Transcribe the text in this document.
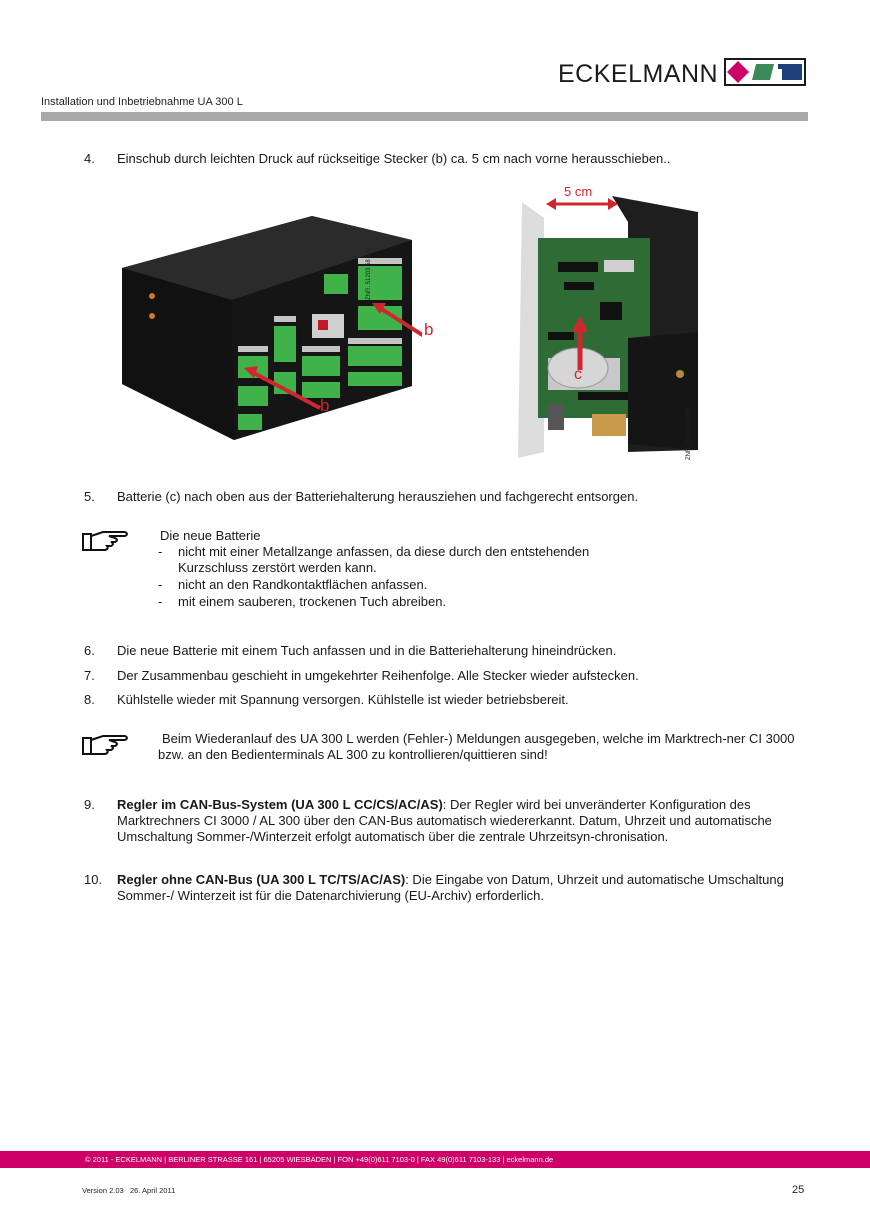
ECKELMANN
Installation und Inbetriebnahme UA 300 L
4. Einschub durch leichten Druck auf rückseitige Stecker (b) ca. 5 cm nach vorne herausschieben..
ZNR. 51203 58 430
b
b
ZNR. 51203 58 030
5 cm
c
5. Batterie (c) nach oben aus der Batteriehalterung herausziehen und fachgerecht entsorgen.
Die neue Batterie
- nicht mit einer Metallzange anfassen, da diese durch den entstehenden
Kurzschluss zerstört werden kann.
- nicht an den Randkontaktflächen anfassen.
- mit einem sauberen, trockenen Tuch abreiben.
6. Die neue Batterie mit einem Tuch anfassen und in die Batteriehalterung hineindrücken.
7. Der Zusammenbau geschieht in umgekehrter Reihenfolge. Alle Stecker wieder aufstecken.
8. Kühlstelle wieder mit Spannung versorgen. Kühlstelle ist wieder betriebsbereit.
Beim Wiederanlauf des UA 300 L werden (Fehler-) Meldungen ausgegeben, welche im Marktrech-ner CI 3000 bzw. an den Bedienterminals AL 300 zu kontrollieren/quittieren sind!
9. Regler im CAN-Bus-System (UA 300 L CC/CS/AC/AS): Der Regler wird bei unveränderter Konfiguration des Marktrechners CI 3000 / AL 300 über den CAN-Bus automatisch wiedererkannt. Datum, Uhrzeit und automatische Umschaltung Sommer-/Winterzeit erfolgt automatisch über die zentrale Uhrzeitsyn-chronisation.
10. Regler ohne CAN-Bus (UA 300 L TC/TS/AC/AS): Die Eingabe von Datum, Uhrzeit und automatische Umschaltung Sommer-/ Winterzeit ist für die Datenarchivierung (EU-Archiv) erforderlich.
© 2011 - ECKELMANN | BERLINER STRASSE 161 | 65205 WIESBADEN | FON +49(0)611 7103-0 | FAX 49(0)611 7103-133 | eckelmann.de
Version 2.03   26. April 2011	25
